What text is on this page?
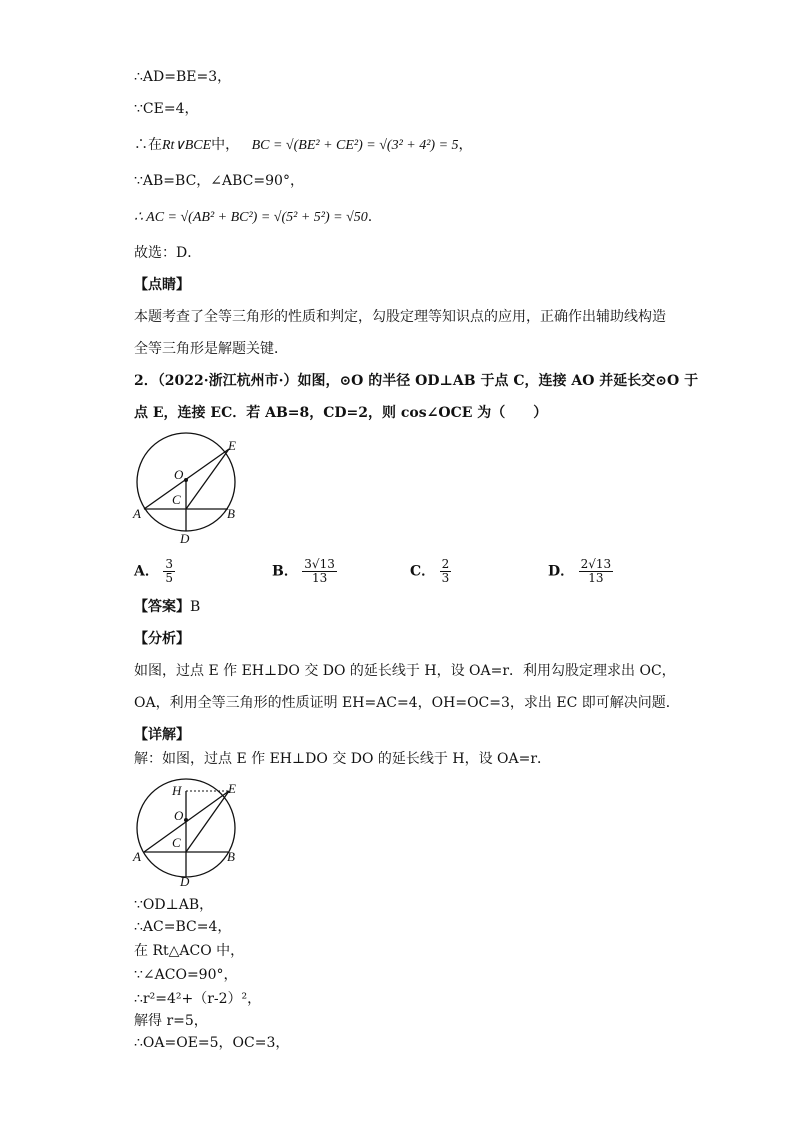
∴AD=BE=3，
∵CE=4，
∴在Rt∨BCE中， BC = √(BE² + CE²) = √(3² + 4²) = 5，
∵AB=BC，∠ABC=90°，
∴ AC = √(AB² + BC²) = √(5² + 5²) = √50.
故选：D．
【点睛】
本题考查了全等三角形的性质和判定，勾股定理等知识点的应用，正确作出辅助线构造
全等三角形是解题关键．
2．（2022·浙江杭州市·）如图，⊙O 的半径 OD⊥AB 于点 C，连接 AO 并延长交⊙O 于
点 E，连接 EC．若 AB=8，CD=2，则 cos∠OCE 为（　　）
E
O
C
A	B
D
A． $\frac{3}{5}$	B． $\frac{3√13}{13}$	C． $\frac{2}{3}$	D． $\frac{2√13}{13}$
【答案】B
【分析】
如图，过点 E 作 EH⊥DO 交 DO 的延长线于 H，设 OA=r．利用勾股定理求出 OC，
OA，利用全等三角形的性质证明 EH=AC=4，OH=OC=3，求出 EC 即可解决问题．
【详解】
解：如图，过点 E 作 EH⊥DO 交 DO 的延长线于 H，设 OA=r．
H	E
O
C
A	B
D
∵OD⊥AB，
∴AC=BC=4，
在 Rt△ACO 中，
∵∠ACO=90°，
∴r²=4²+（r-2）²，
解得 r=5，
∴OA=OE=5，OC=3，
